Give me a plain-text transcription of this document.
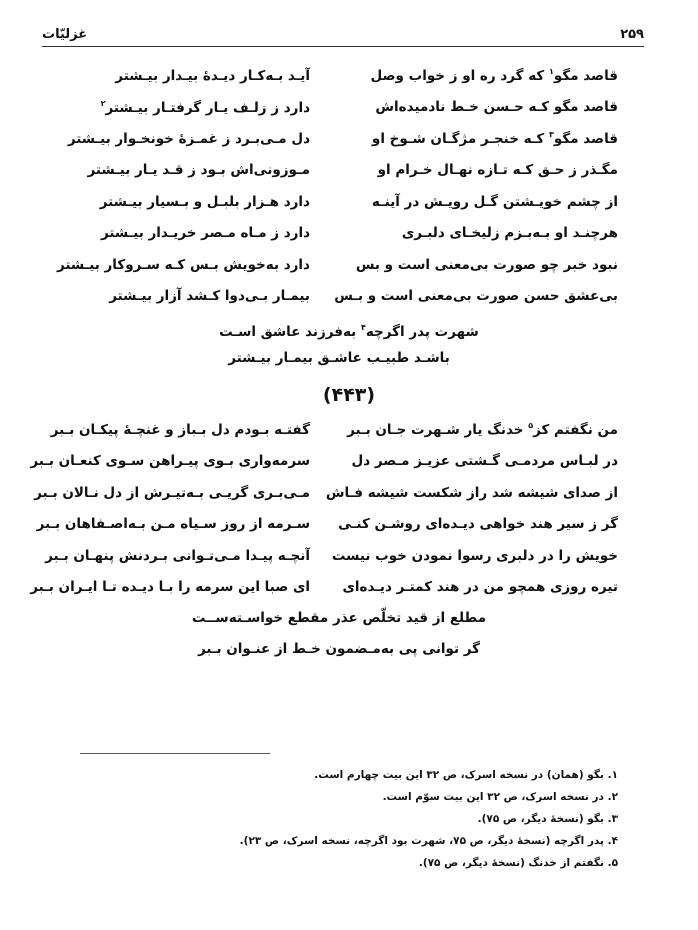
۲۵۹
غزلیّات
قاصد مگو$^۱$ که گرد ره او ز خواب وصل
آیـد بـه‌کـار دیـدهٔ بیـدار بیـشتر
قاصد مگو کـه حـسن خـط نادمیده‌اش
دارد ز زلـف یـار گرفتـار بیـشتر$^۲$
قاصد مگو$^۳$ کـه خنجـر مژگـان شـوخ او
دل مـی‌بـرد ز غمـزهٔ خونخـوار بیـشتر
مگـذر ز حـق کـه تـازه نهـال خـرام او
مـوزونی‌اش بـود ز قـد یـار بیـشتر
از چشم خویـشتن گـل رویـش در آینـه
دارد هـزار بلبـل و بـسیار بیـشتر
هرچنـد او بـه‌بـزم زلیخـای دلبـری
دارد ز مـاه مـصر خریـدار بیـشتر
نبود خبر چو صورت بی‌معنی است و بس
دارد به‌خویش بـس کـه سـروکار بیـشتر
بی‌عشق حسن صورت بی‌معنی است و بـس
بیمـار بـی‌دوا کـشد آزار بیـشتر
شهرت پدر اگرچه$^۴$ به‌فرزند عاشق اسـت
باشـد طبیـب عاشـق بیمـار بیـشتر
(۴۴۳)
من نگفتم کز$^۵$ خدنگ یار شـهرت جـان بـبر
گفتـه بـودم دل بـباز و غنچـهٔ پیکـان بـبر
در لبـاس مردمـی گـشتی عزیـز مـصر دل
سرمه‌واری بـوی پیـراهن سـوی کنعـان بـبر
از صدای شیشه شد راز شکست شیشه فـاش
مـی‌بـری گریـی بـه‌تیـرش از دل نـالان بـبر
گر ز سیر هند خواهی دیـده‌ای روشـن کنـی
سـرمه از روز سـیاه مـن بـه‌اصـفاهان بـبر
خویش را در دلبری رسوا نمودن خوب نیست
آنچـه پیـدا مـی‌تـوانی بـردنش پنهـان بـبر
تیره روزی همچو من در هند کمتـر دیـده‌ای
ای صبا این سرمه را بـا دیـده تـا ایـران بـبر
مطلع از قید تخلّص عذر مقطع خواسـته‌ســت
گر توانی پی به‌مـضمون خـط از عنـوان بـبر
۱. بگو (همان) در نسخه اسرک، ص ۳۲ این بیت چهارم است.
۲. در نسخه اسرک، ص ۳۲ این بیت سوّم است.
۳. بگو (نسخهٔ دیگر، ص ۷۵).
۴. پدر اگرچه (نسخهٔ دیگر، ص ۷۵، شهرت بود اگرچه، نسخه اسرک، ص ۲۳).
۵. نگفتم از خدنگ (نسخهٔ دیگر، ص ۷۵).
